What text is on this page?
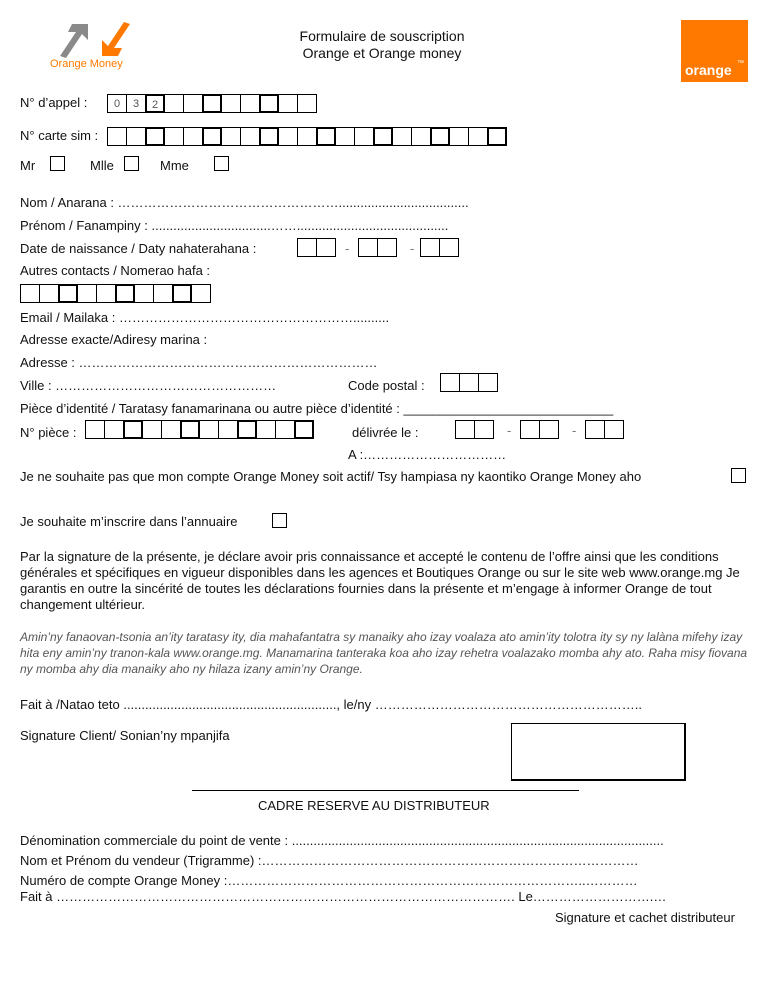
Orange Money
Formulaire de souscription
Orange et Orange money
orange ™
N° d’appel :	0	3	2
N° carte sim :
Mr	Mlle	Mme
Nom / Anarana : ……………………………………………....................................
Prénom / Fanampiny : .................................……..........................................
Date de naissance / Daty nahaterahana :	-	-
Autres contacts / Nomerao hafa :
Email / Mailaka : ………………………………………………..........
Adresse exacte/Adiresy marina :
Adresse : ……………………………………………………………
Ville : ……………………………………………	Code postal :
Pièce d’identité / Taratasy fanamarinana ou autre pièce d’identité : _____________________________
N° pièce :	délivrée le :	-	-
A :……………………………
Je ne souhaite pas que mon compte Orange Money soit actif/ Tsy hampiasa ny kaontiko Orange Money aho
Je souhaite m’inscrire dans l’annuaire
Par la signature de la présente, je déclare avoir pris connaissance et accepté le contenu de l’offre ainsi que les conditions générales et spécifiques en vigueur disponibles dans les agences et Boutiques Orange ou sur le site web www.orange.mg Je garantis en outre la sincérité de toutes les déclarations fournies dans la présente et m’engage à informer Orange de tout changement ultérieur.
Amin’ny fanaovan-tsonia an’ity taratasy ity, dia mahafantatra sy manaiky aho izay voalaza ato amin’ity tolotra ity sy ny lalàna mifehy izay hita eny amin’ny tranon-kala www.orange.mg. Manamarina tanteraka koa aho izay rehetra voalazako momba ahy ato. Raha misy fiovana ny momba ahy dia manaiky aho ny hilaza izany amin’ny Orange.
Fait à /Natao teto ..........................................................., le/ny ……………………………………………………..
Signature Client/ Sonian’ny mpanjifa
CADRE RESERVE AU DISTRIBUTEUR
Dénomination commerciale du point de vente : .......................................................................................................
Nom et Prénom du vendeur (Trigramme) :……………………………………………………………………………
Numéro de compte Orange Money :………………………………………………………………………..…………
Fait à ……………………………………………………………………………………………. Le……………………….…
Signature et cachet distributeur
